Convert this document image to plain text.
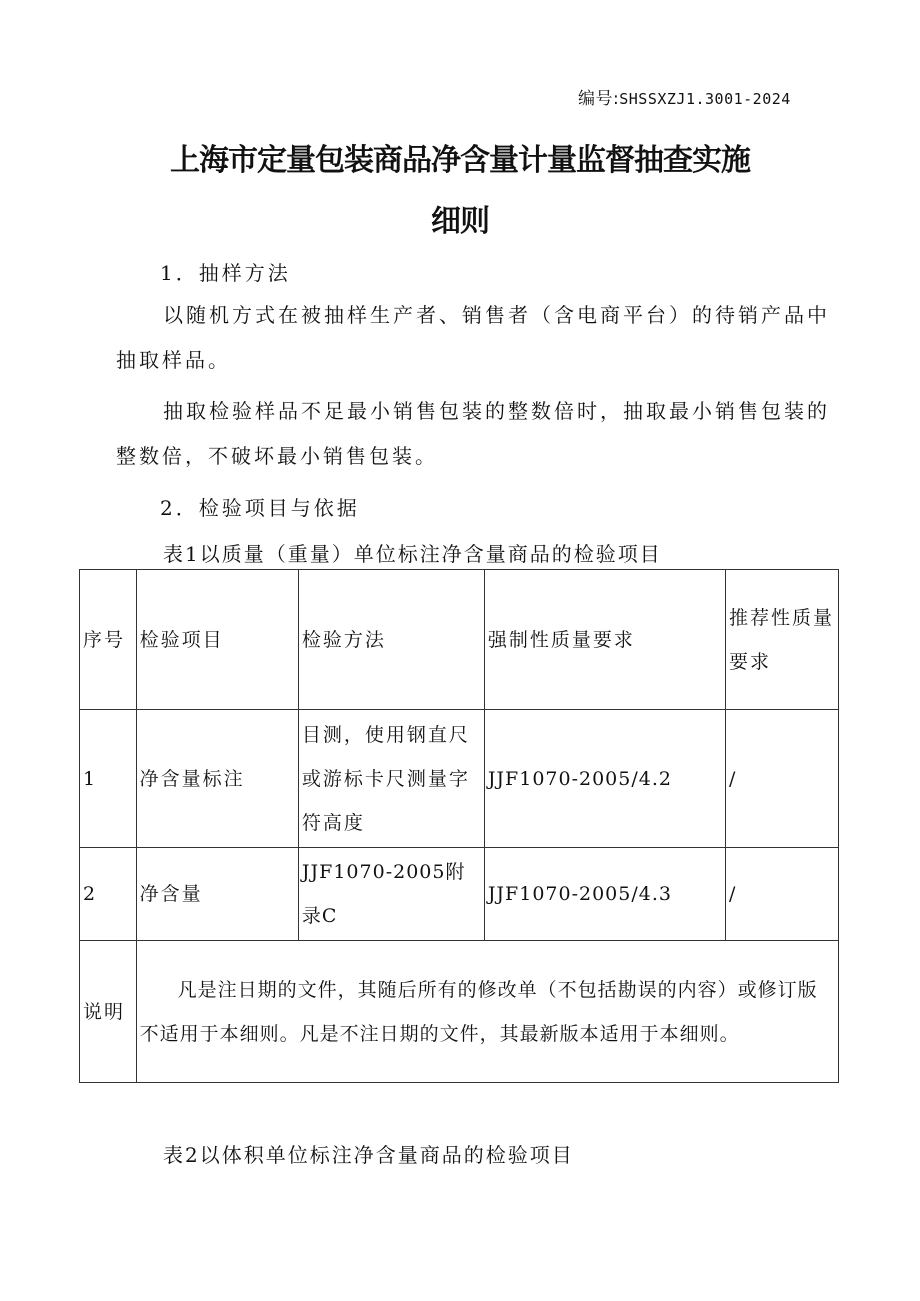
编号:SHSSXZJ1.3001-2024
上海市定量包装商品净含量计量监督抽查实施
细则
1．抽样方法
以随机方式在被抽样生产者、销售者（含电商平台）的待销产品中
抽取样品。
抽取检验样品不足最小销售包装的整数倍时，抽取最小销售包装的
整数倍，不破坏最小销售包装。
2．检验项目与依据
表1以质量（重量）单位标注净含量商品的检验项目
序号	检验项目	检验方法	强制性质量要求	推荐性质量要求
1	净含量标注	目测，使用钢直尺或游标卡尺测量字符高度	JJF1070-2005/4.2	/
2	净含量	JJF1070-2005附录C	JJF1070-2005/4.3	/
说明	凡是注日期的文件，其随后所有的修改单（不包括勘误的内容）或修订版不适用于本细则。凡是不注日期的文件，其最新版本适用于本细则。			
表2以体积单位标注净含量商品的检验项目
